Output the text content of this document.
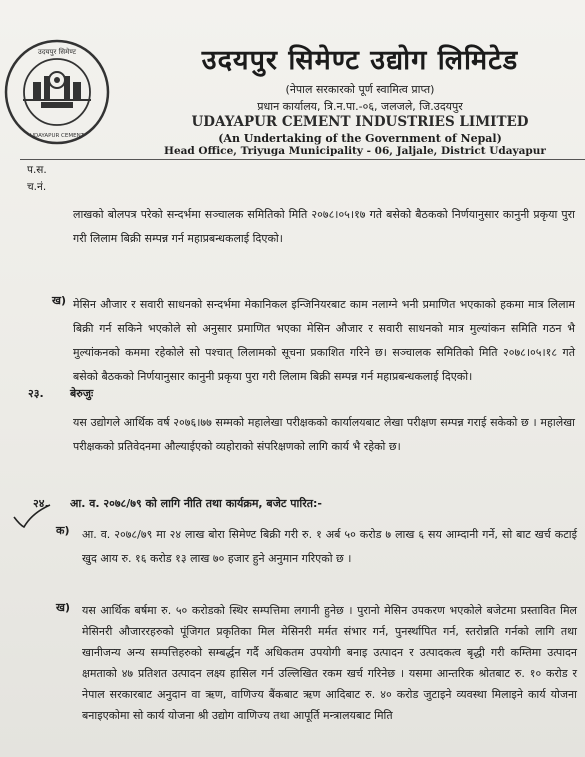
उदयपुर सिमेण्ट
UDAYAPUR CEMENT
उदयपुर सिमेण्ट उद्योग लिमिटेड
(नेपाल सरकारको पूर्ण स्वामित्व प्राप्त)
प्रधान कार्यालय, त्रि.न.पा.-०६, जलजले, जि.उदयपुर
UDAYAPUR CEMENT INDUSTRIES LIMITED
(An Undertaking of the Government of Nepal)
Head Office, Triyuga Municipality - 06, Jaljale, District Udayapur
प.स.
च.नं.

लाखको बोलपत्र परेको सन्दर्भमा सञ्चालक समितिको मिति २०७८।०५।१७ गते बसेको बैठकको निर्णयानुसार कानुनी प्रकृया पुरा गरी लिलाम बिक्री सम्पन्न गर्न महाप्रबन्धकलाई दिएको।

ख) मेसिन औजार र सवारी साधनको सन्दर्भमा मेकानिकल इन्जिनियरबाट काम नलाग्ने भनी प्रमाणित भएकाको हकमा मात्र लिलाम बिक्री गर्न सकिने भएकोले सो अनुसार प्रमाणित भएका मेसिन औजार र सवारी साधनको मात्र मुल्यांकन समिति गठन भै मुल्यांकनको कममा रहेकोले सो पश्चात् लिलामको सूचना प्रकाशित गरिने छ। सञ्चालक समितिको मिति २०७८।०५।१८ गते बसेको बैठकको निर्णयानुसार कानुनी प्रकृया पुरा गरी लिलाम बिक्री सम्पन्न गर्न महाप्रबन्धकलाई दिएको।

२३. बेरुजुः

यस उद्योगले आर्थिक वर्ष २०७६।७७ सम्मको महालेखा परीक्षकको कार्यालयबाट लेखा परीक्षण सम्पन्न गराई सकेको छ । महालेखा परीक्षकको प्रतिवेदनमा औल्याईएको व्यहोराको संपरिक्षणको लागि कार्य भै रहेको छ।

२४. आ. व. २०७८/७९ को लागि नीति तथा कार्यक्रम, बजेट पारित:-
क) आ. व. २०७८/७९ मा २४ लाख बोरा सिमेण्ट बिक्री गरी रु. १ अर्ब ५० करोड ७ लाख ६ सय आम्दानी गर्ने, सो बाट खर्च कटाई खुद आय रु. १६ करोड १३ लाख ७० हजार हुने अनुमान गरिएको छ ।

ख) यस आर्थिक बर्षमा रु. ५० करोडको स्थिर सम्पत्तिमा लगानी हुनेछ । पुरानो मेसिन उपकरण भएकोले बजेटमा प्रस्तावित मिल मेसिनरी औजाररहरुको पूंजिगत प्रकृतिका मिल मेसिनरी मर्मत संभार गर्न, पुनर्स्थापित गर्न, स्तरोन्नति गर्नको लागि तथा खानीजन्य अन्य सम्पत्तिहरुको सम्बर्द्धन गर्दै अधिकतम उपयोगी बनाइ उत्पादन र उत्पादकत्व बृद्धी गरी कम्तिमा उत्पादन क्षमताको ४७ प्रतिशत उत्पादन लक्ष्य हासिल गर्न उल्लिखित रकम खर्च गरिनेछ । यसमा आन्तरिक श्रोतबाट रु. १० करोड र नेपाल सरकारबाट अनुदान वा ऋण, वाणिज्य बैंकबाट ऋण आदिबाट रु. ४० करोड जुटाइने व्यवस्था मिलाइने कार्य योजना बनाइएकोमा सो कार्य योजना श्री उद्योग वाणिज्य तथा आपूर्ति मन्त्रालयबाट मिति
